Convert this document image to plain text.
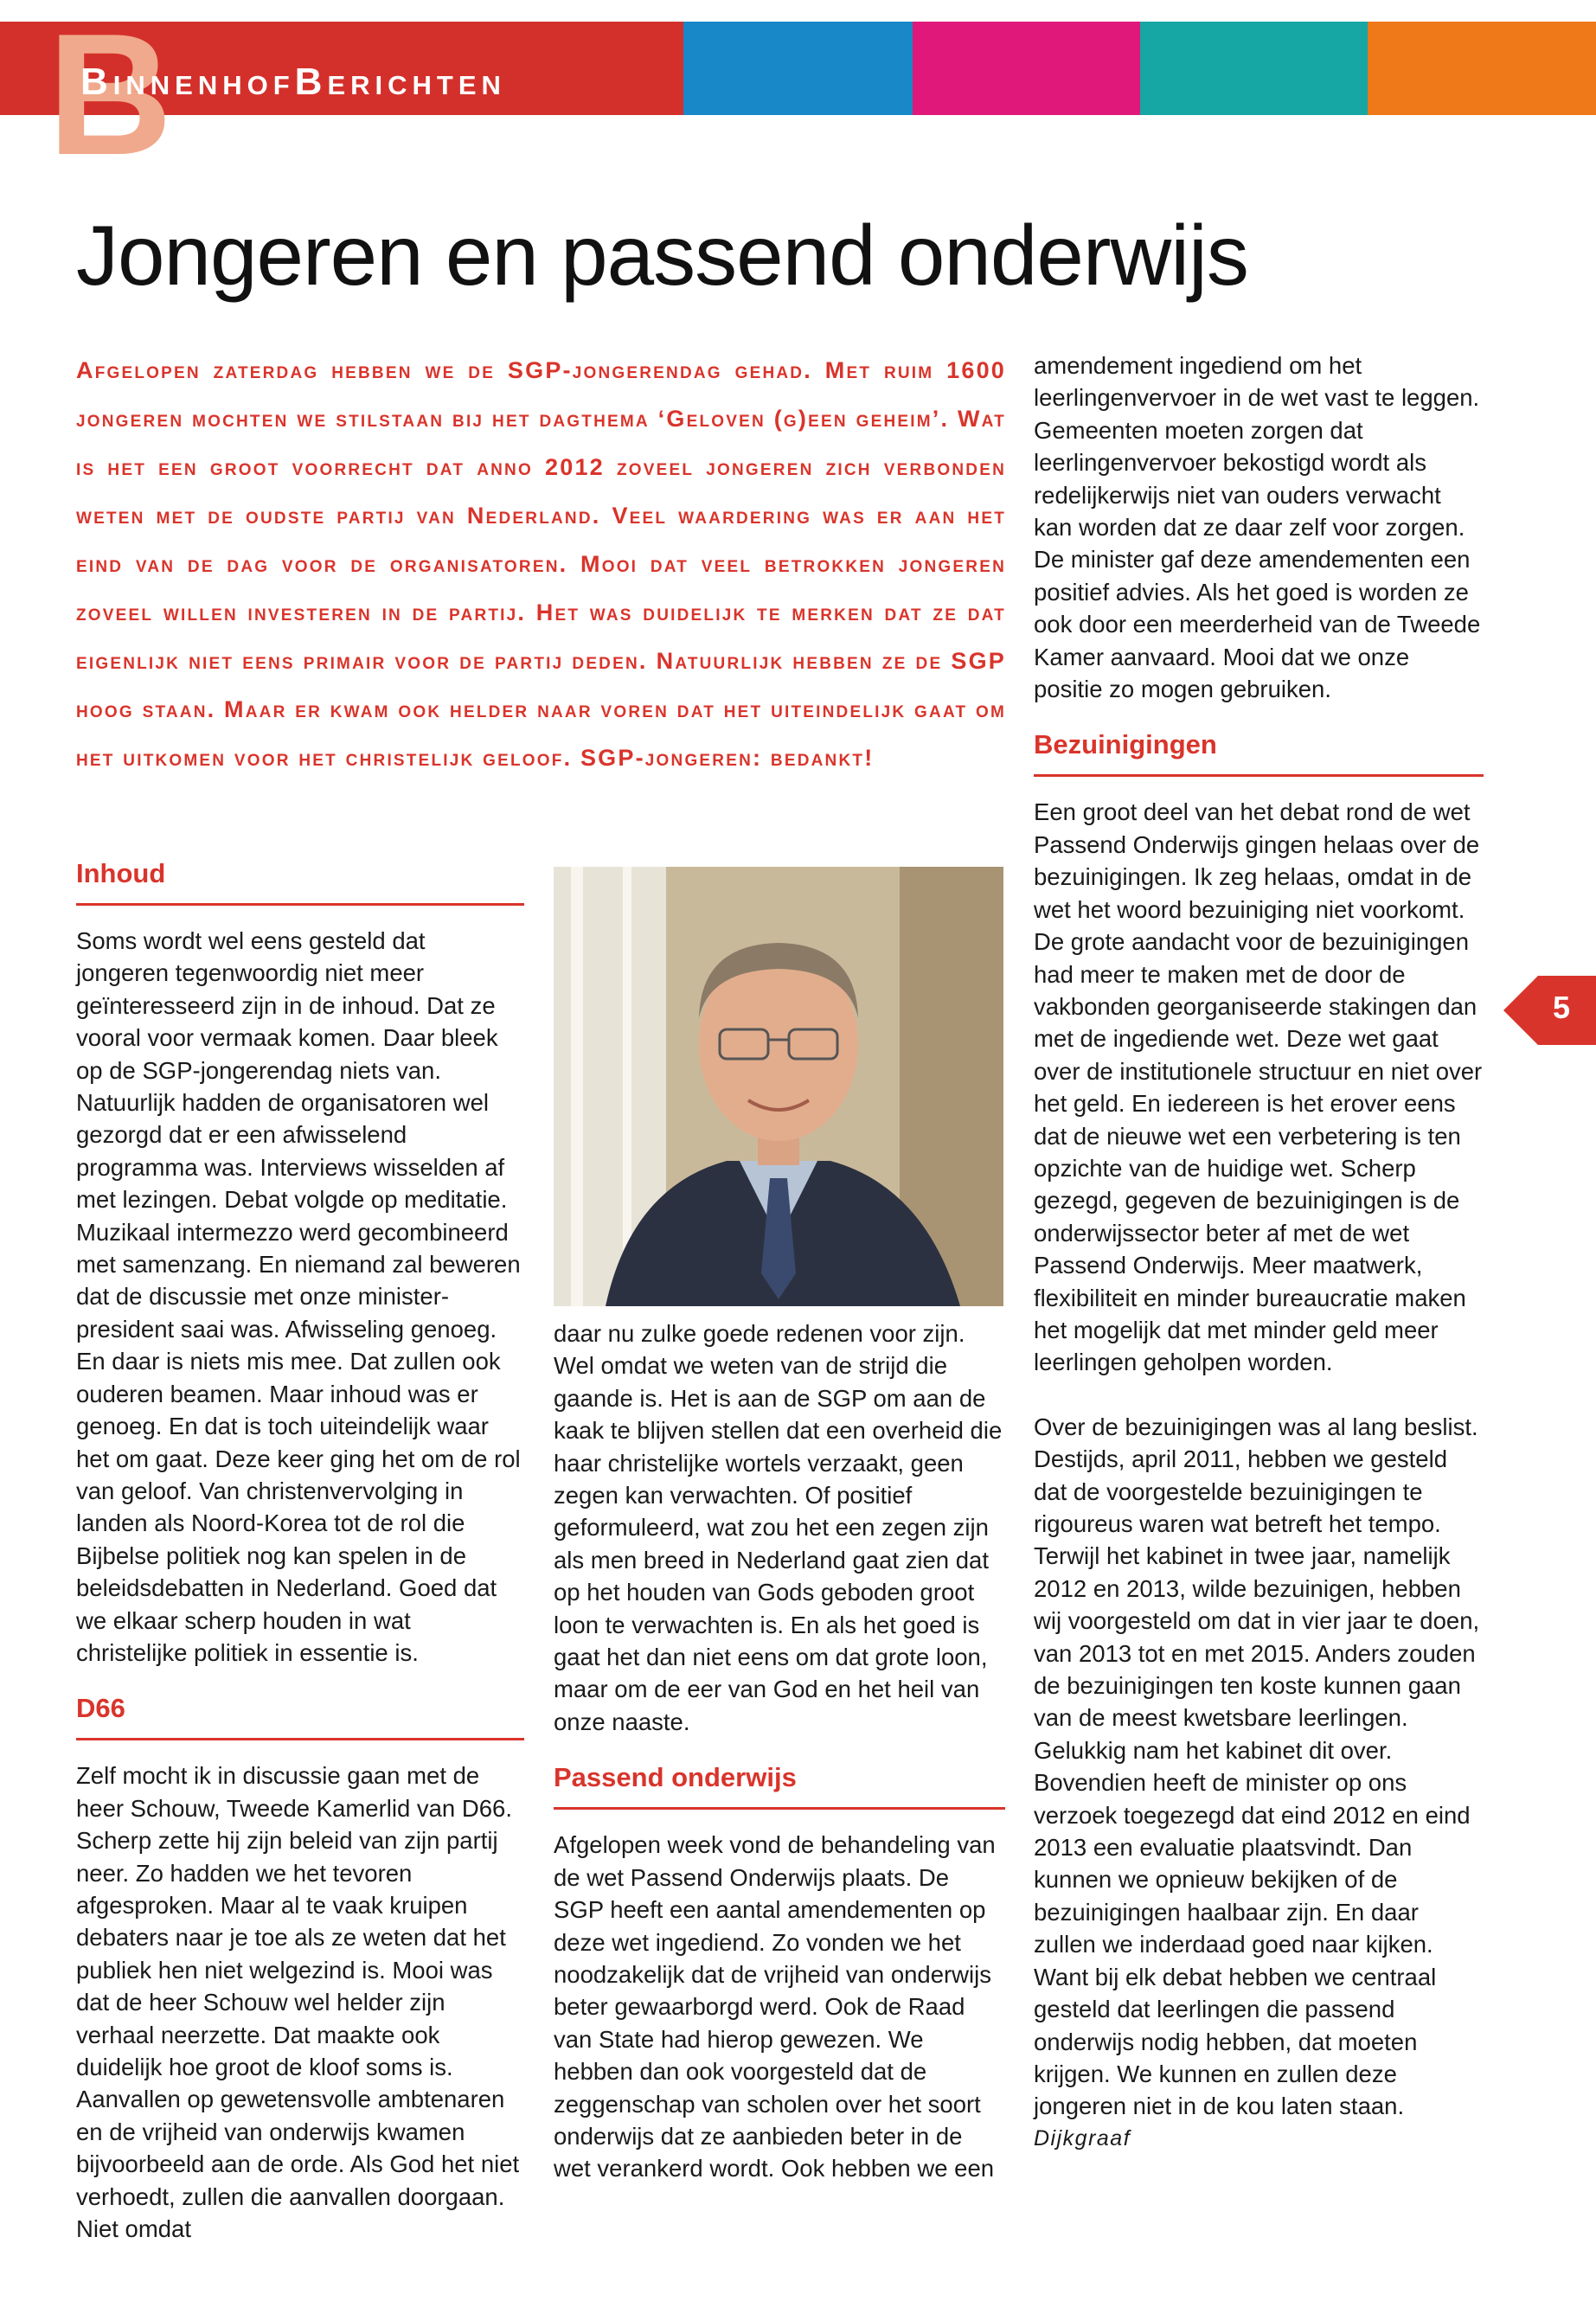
B
BinnenhofBerichten
Jongeren en passend onderwijs
Afgelopen zaterdag hebben we de SGP-jongerendag gehad. Met ruim 1600 jongeren mochten we stilstaan bij het dagthema ‘Geloven (g)een geheim’. Wat is het een groot voorrecht dat anno 2012 zoveel jongeren zich verbonden weten met de oudste partij van Nederland. Veel waardering was er aan het eind van de dag voor de organisatoren. Mooi dat veel betrokken jongeren zoveel willen investeren in de partij. Het was duidelijk te merken dat ze dat eigenlijk niet eens primair voor de partij deden. Natuurlijk hebben ze de SGP hoog staan. Maar er kwam ook helder naar voren dat het uiteindelijk gaat om het uitkomen voor het christelijk geloof. SGP-jongeren: bedankt!
Inhoud

Soms wordt wel eens gesteld dat jongeren tegenwoordig niet meer geïnteresseerd zijn in de inhoud. Dat ze vooral voor vermaak komen. Daar bleek op de SGP-jongerendag niets van. Natuurlijk hadden de organisatoren wel gezorgd dat er een afwisselend programma was. Interviews wisselden af met lezingen. Debat volgde op meditatie. Muzikaal intermezzo werd gecombineerd met samenzang. En niemand zal beweren dat de discussie met onze minister-president saai was. Afwisseling genoeg. En daar is niets mis mee. Dat zullen ook ouderen beamen. Maar inhoud was er genoeg. En dat is toch uiteindelijk waar het om gaat. Deze keer ging het om de rol van geloof. Van christenvervolging in landen als Noord-Korea tot de rol die Bijbelse politiek nog kan spelen in de beleidsdebatten in Nederland. Goed dat we elkaar scherp houden in wat christelijke politiek in essentie is.

D66

Zelf mocht ik in discussie gaan met de heer Schouw, Tweede Kamerlid van D66. Scherp zette hij zijn beleid van zijn partij neer. Zo hadden we het tevoren afgesproken. Maar al te vaak kruipen debaters naar je toe als ze weten dat het publiek hen niet welgezind is. Mooi was dat de heer Schouw wel helder zijn verhaal neerzette. Dat maakte ook duidelijk hoe groot de kloof soms is. Aanvallen op gewetensvolle ambtenaren en de vrijheid van onderwijs kwamen bijvoorbeeld aan de orde. Als God het niet verhoedt, zullen die aanvallen doorgaan. Niet omdat

daar nu zulke goede redenen voor zijn. Wel omdat we weten van de strijd die gaande is. Het is aan de SGP om aan de kaak te blijven stellen dat een overheid die haar christelijke wortels verzaakt, geen zegen kan verwachten. Of positief geformuleerd, wat zou het een zegen zijn als men breed in Nederland gaat zien dat op het houden van Gods geboden groot loon te verwachten is. En als het goed is gaat het dan niet eens om dat grote loon, maar om de eer van God en het heil van onze naaste.

Passend onderwijs

Afgelopen week vond de behandeling van de wet Passend Onderwijs plaats. De SGP heeft een aantal amendementen op deze wet ingediend. Zo vonden we het noodzakelijk dat de vrijheid van onderwijs beter gewaarborgd werd. Ook de Raad van State had hierop gewezen. We hebben dan ook voorgesteld dat de zeggenschap van scholen over het soort onderwijs dat ze aanbieden beter in de wet verankerd wordt. Ook hebben we een

amendement ingediend om het leerlingenvervoer in de wet vast te leggen. Gemeenten moeten zorgen dat leerlingenvervoer bekostigd wordt als redelijkerwijs niet van ouders verwacht kan worden dat ze daar zelf voor zorgen. De minister gaf deze amendementen een positief advies. Als het goed is worden ze ook door een meerderheid van de Tweede Kamer aanvaard. Mooi dat we onze positie zo mogen gebruiken.

Bezuinigingen

Een groot deel van het debat rond de wet Passend Onderwijs gingen helaas over de bezuinigingen. Ik zeg helaas, omdat in de wet het woord bezuiniging niet voorkomt. De grote aandacht voor de bezuinigingen had meer te maken met de door de vakbonden georganiseerde stakingen dan met de ingediende wet. Deze wet gaat over de institutionele structuur en niet over het geld. En iedereen is het erover eens dat de nieuwe wet een verbetering is ten opzichte van de huidige wet. Scherp gezegd, gegeven de bezuinigingen is de onderwijssector beter af met de wet Passend Onderwijs. Meer maatwerk, flexibiliteit en minder bureaucratie maken het mogelijk dat met minder geld meer leerlingen geholpen worden.

Over de bezuinigingen was al lang beslist. Destijds, april 2011, hebben we gesteld dat de voorgestelde bezuinigingen te rigoureus waren wat betreft het tempo. Terwijl het kabinet in twee jaar, namelijk 2012 en 2013, wilde bezuinigen, hebben wij voorgesteld om dat in vier jaar te doen, van 2013 tot en met 2015. Anders zouden de bezuinigingen ten koste kunnen gaan van de meest kwetsbare leerlingen. Gelukkig nam het kabinet dit over. Bovendien heeft de minister op ons verzoek toegezegd dat eind 2012 en eind 2013 een evaluatie plaatsvindt. Dan kunnen we opnieuw bekijken of de bezuinigingen haalbaar zijn. En daar zullen we inderdaad goed naar kijken. Want bij elk debat hebben we centraal gesteld dat leerlingen die passend onderwijs nodig hebben, dat moeten krijgen. We kunnen en zullen deze jongeren niet in de kou laten staan.

Dijkgraaf

5
